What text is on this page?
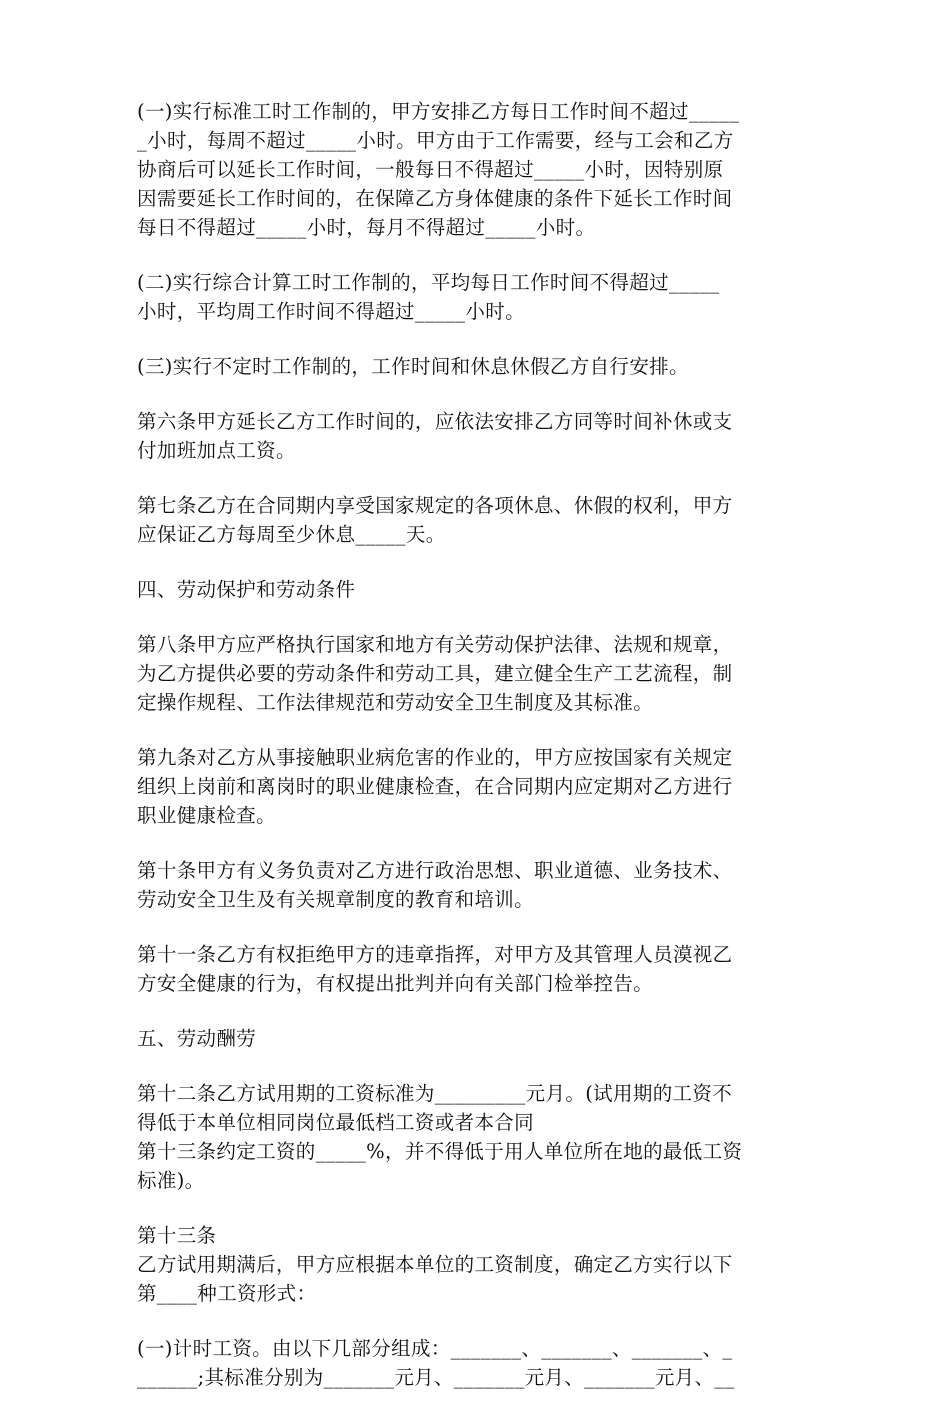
(一)实行标准工时工作制的，甲方安排乙方每日工作时间不超过_____
_小时，每周不超过_____小时。甲方由于工作需要，经与工会和乙方
协商后可以延长工作时间，一般每日不得超过_____小时，因特别原
因需要延长工作时间的，在保障乙方身体健康的条件下延长工作时间
每日不得超过_____小时，每月不得超过_____小时。

(二)实行综合计算工时工作制的，平均每日工作时间不得超过_____
小时，平均周工作时间不得超过_____小时。

(三)实行不定时工作制的，工作时间和休息休假乙方自行安排。

第六条甲方延长乙方工作时间的，应依法安排乙方同等时间补休或支
付加班加点工资。

第七条乙方在合同期内享受国家规定的各项休息、休假的权利，甲方
应保证乙方每周至少休息_____天。

四、劳动保护和劳动条件

第八条甲方应严格执行国家和地方有关劳动保护法律、法规和规章，
为乙方提供必要的劳动条件和劳动工具，建立健全生产工艺流程，制
定操作规程、工作法律规范和劳动安全卫生制度及其标准。

第九条对乙方从事接触职业病危害的作业的，甲方应按国家有关规定
组织上岗前和离岗时的职业健康检查，在合同期内应定期对乙方进行
职业健康检查。

第十条甲方有义务负责对乙方进行政治思想、职业道德、业务技术、
劳动安全卫生及有关规章制度的教育和培训。

第十一条乙方有权拒绝甲方的违章指挥，对甲方及其管理人员漠视乙
方安全健康的行为，有权提出批判并向有关部门检举控告。

五、劳动酬劳

第十二条乙方试用期的工资标准为_________元月。(试用期的工资不
得低于本单位相同岗位最低档工资或者本合同
第十三条约定工资的_____%，并不得低于用人单位所在地的最低工资
标准)。

第十三条
乙方试用期满后，甲方应根据本单位的工资制度，确定乙方实行以下
第____种工资形式：

(一)计时工资。由以下几部分组成：_______、_______、_______、_
______;其标准分别为_______元月、_______元月、_______元月、__
